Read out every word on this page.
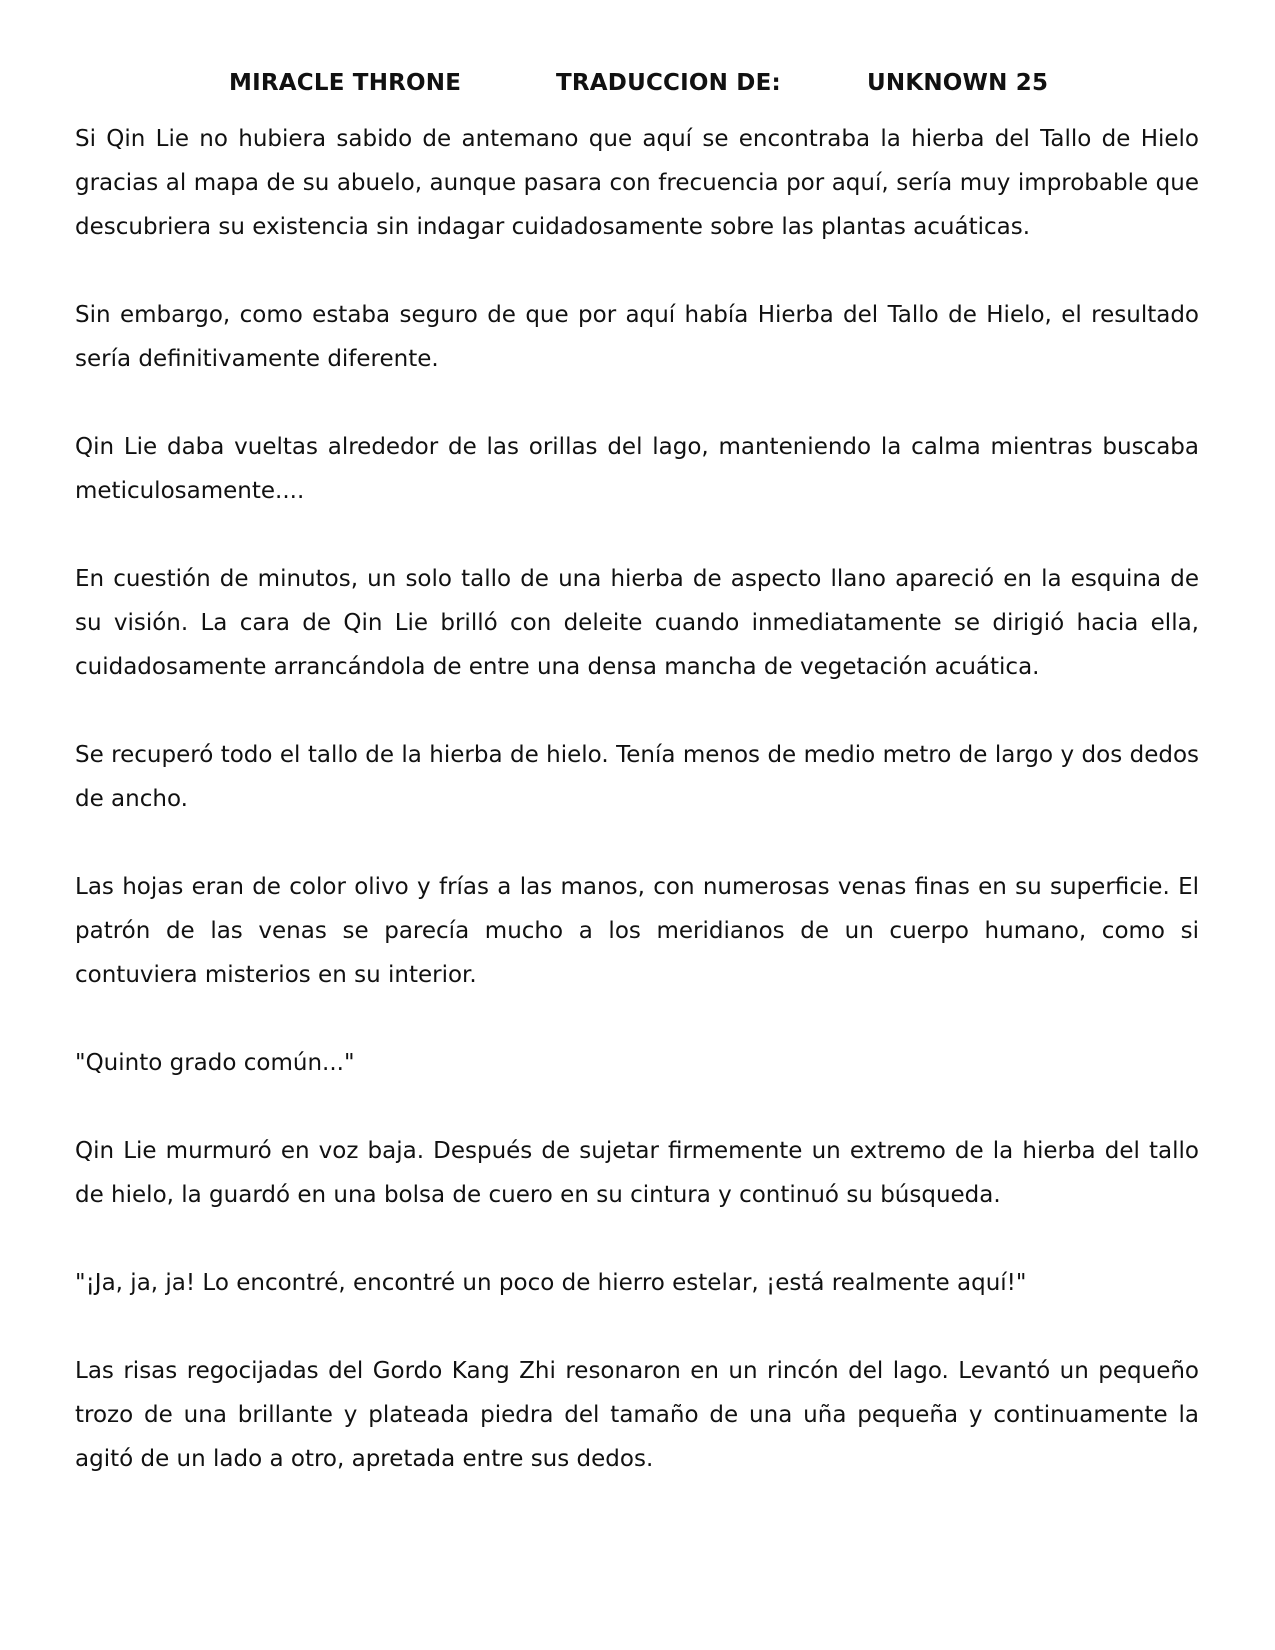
MIRACLE THRONE	TRADUCCION DE:	UNKNOWN 25

Si Qin Lie no hubiera sabido de antemano que aquí se encontraba la hierba del Tallo de Hielo gracias al mapa de su abuelo, aunque pasara con frecuencia por aquí, sería muy improbable que descubriera su existencia sin indagar cuidadosamente sobre las plantas acuáticas.

Sin embargo, como estaba seguro de que por aquí había Hierba del Tallo de Hielo, el resultado sería definitivamente diferente.

Qin Lie daba vueltas alrededor de las orillas del lago, manteniendo la calma mientras buscaba meticulosamente....

En cuestión de minutos, un solo tallo de una hierba de aspecto llano apareció en la esquina de su visión. La cara de Qin Lie brilló con deleite cuando inmediatamente se dirigió hacia ella, cuidadosamente arrancándola de entre una densa mancha de vegetación acuática.

Se recuperó todo el tallo de la hierba de hielo. Tenía menos de medio metro de largo y dos dedos de ancho.

Las hojas eran de color olivo y frías a las manos, con numerosas venas finas en su superficie. El patrón de las venas se parecía mucho a los meridianos de un cuerpo humano, como si contuviera misterios en su interior.

"Quinto grado común..."

Qin Lie murmuró en voz baja. Después de sujetar firmemente un extremo de la hierba del tallo de hielo, la guardó en una bolsa de cuero en su cintura y continuó su búsqueda.

"¡Ja, ja, ja! Lo encontré, encontré un poco de hierro estelar, ¡está realmente aquí!"

Las risas regocijadas del Gordo Kang Zhi resonaron en un rincón del lago. Levantó un pequeño trozo de una brillante y plateada piedra del tamaño de una uña pequeña y continuamente la agitó de un lado a otro, apretada entre sus dedos.
